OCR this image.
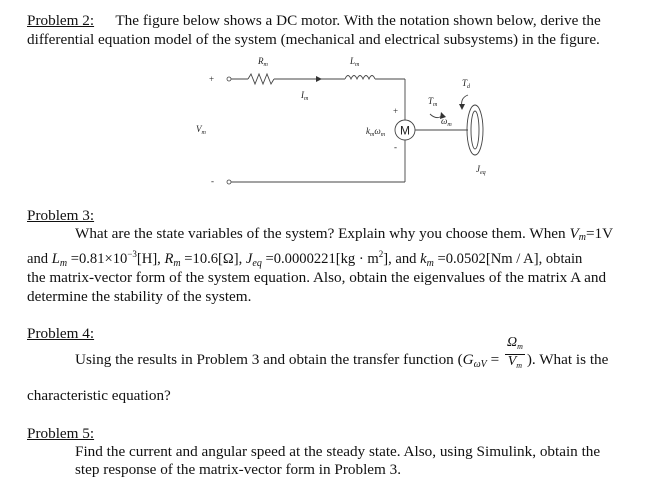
Problem 2: The figure below shows a DC motor. With the notation shown below, derive the
differential equation model of the system (mechanical and electrical subsystems) in the figure.
M
$R_m$	$L_m$
$I_m$
$V_m$
+
-
+
-
$k_m\omega_m$
$T_d$
$T_m$
$\omega_m$
$J_{eq}$
Problem 3:
What are the state variables of the system? Explain why you choose them. When $V_m=1V$
and $L_m =0.81\times 10^{-3}[H]$, $R_m =10.6[\Omega]$, $J_{eq} =0.0000221[kg \cdot m^2]$, and $k_m =0.0502[Nm / A]$, obtain
the matrix-vector form of the system equation. Also, obtain the eigenvalues of the matrix A and
determine the stability of the system.
Problem 4:
Using the results in Problem 3 and obtain the transfer function ($G_{\omega V} = \frac{\Omega_m}{V_m}$ ). What is the
characteristic equation?
Problem 5:
Find the current and angular speed at the steady state. Also, using Simulink, obtain the
step response of the matrix-vector form in Problem 3.
